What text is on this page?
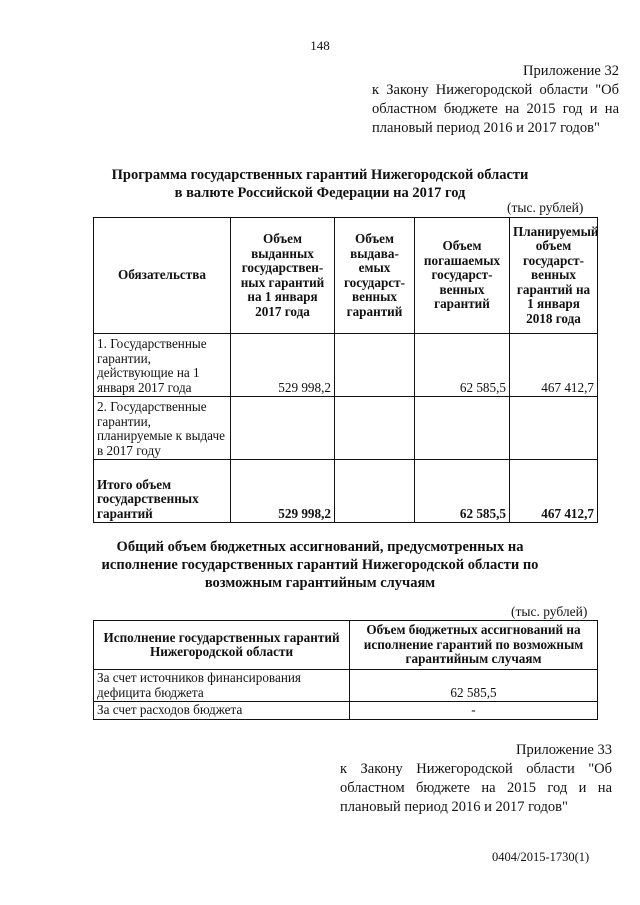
148
Приложение 32
к Закону Нижегородской области "Об областном бюджете на 2015 год и на плановый период 2016 и 2017 годов"
Программа государственных гарантий Нижегородской области
в валюте Российской Федерации на 2017 год
(тыс. рублей)
Обязательства	Объем выданных государствен-ных гарантий на 1 января 2017 года	Объем выдава-емых государст-венных гарантий	Объем погашаемых государст-венных гарантий	Планируемый объем государст-венных гарантий на 1 января 2018 года
1. Государственные гарантии, действующие на 1 января 2017 года	529 998,2		62 585,5	467 412,7
2. Государственные гарантии, планируемые к выдаче в 2017 году				
Итого объем государственных гарантий	529 998,2		62 585,5	467 412,7
Общий объем бюджетных ассигнований, предусмотренных на
исполнение государственных гарантий Нижегородской области по
возможным гарантийным случаям
(тыс. рублей)
Исполнение государственных гарантий Нижегородской области	Объем бюджетных ассигнований на исполнение гарантий по возможным гарантийным случаям
За счет источников финансирования дефицита бюджета	62 585,5
За счет расходов бюджета	-
Приложение 33
к Закону Нижегородской области "Об областном бюджете на 2015 год и на плановый период 2016 и 2017 годов"
0404/2015-1730(1)
